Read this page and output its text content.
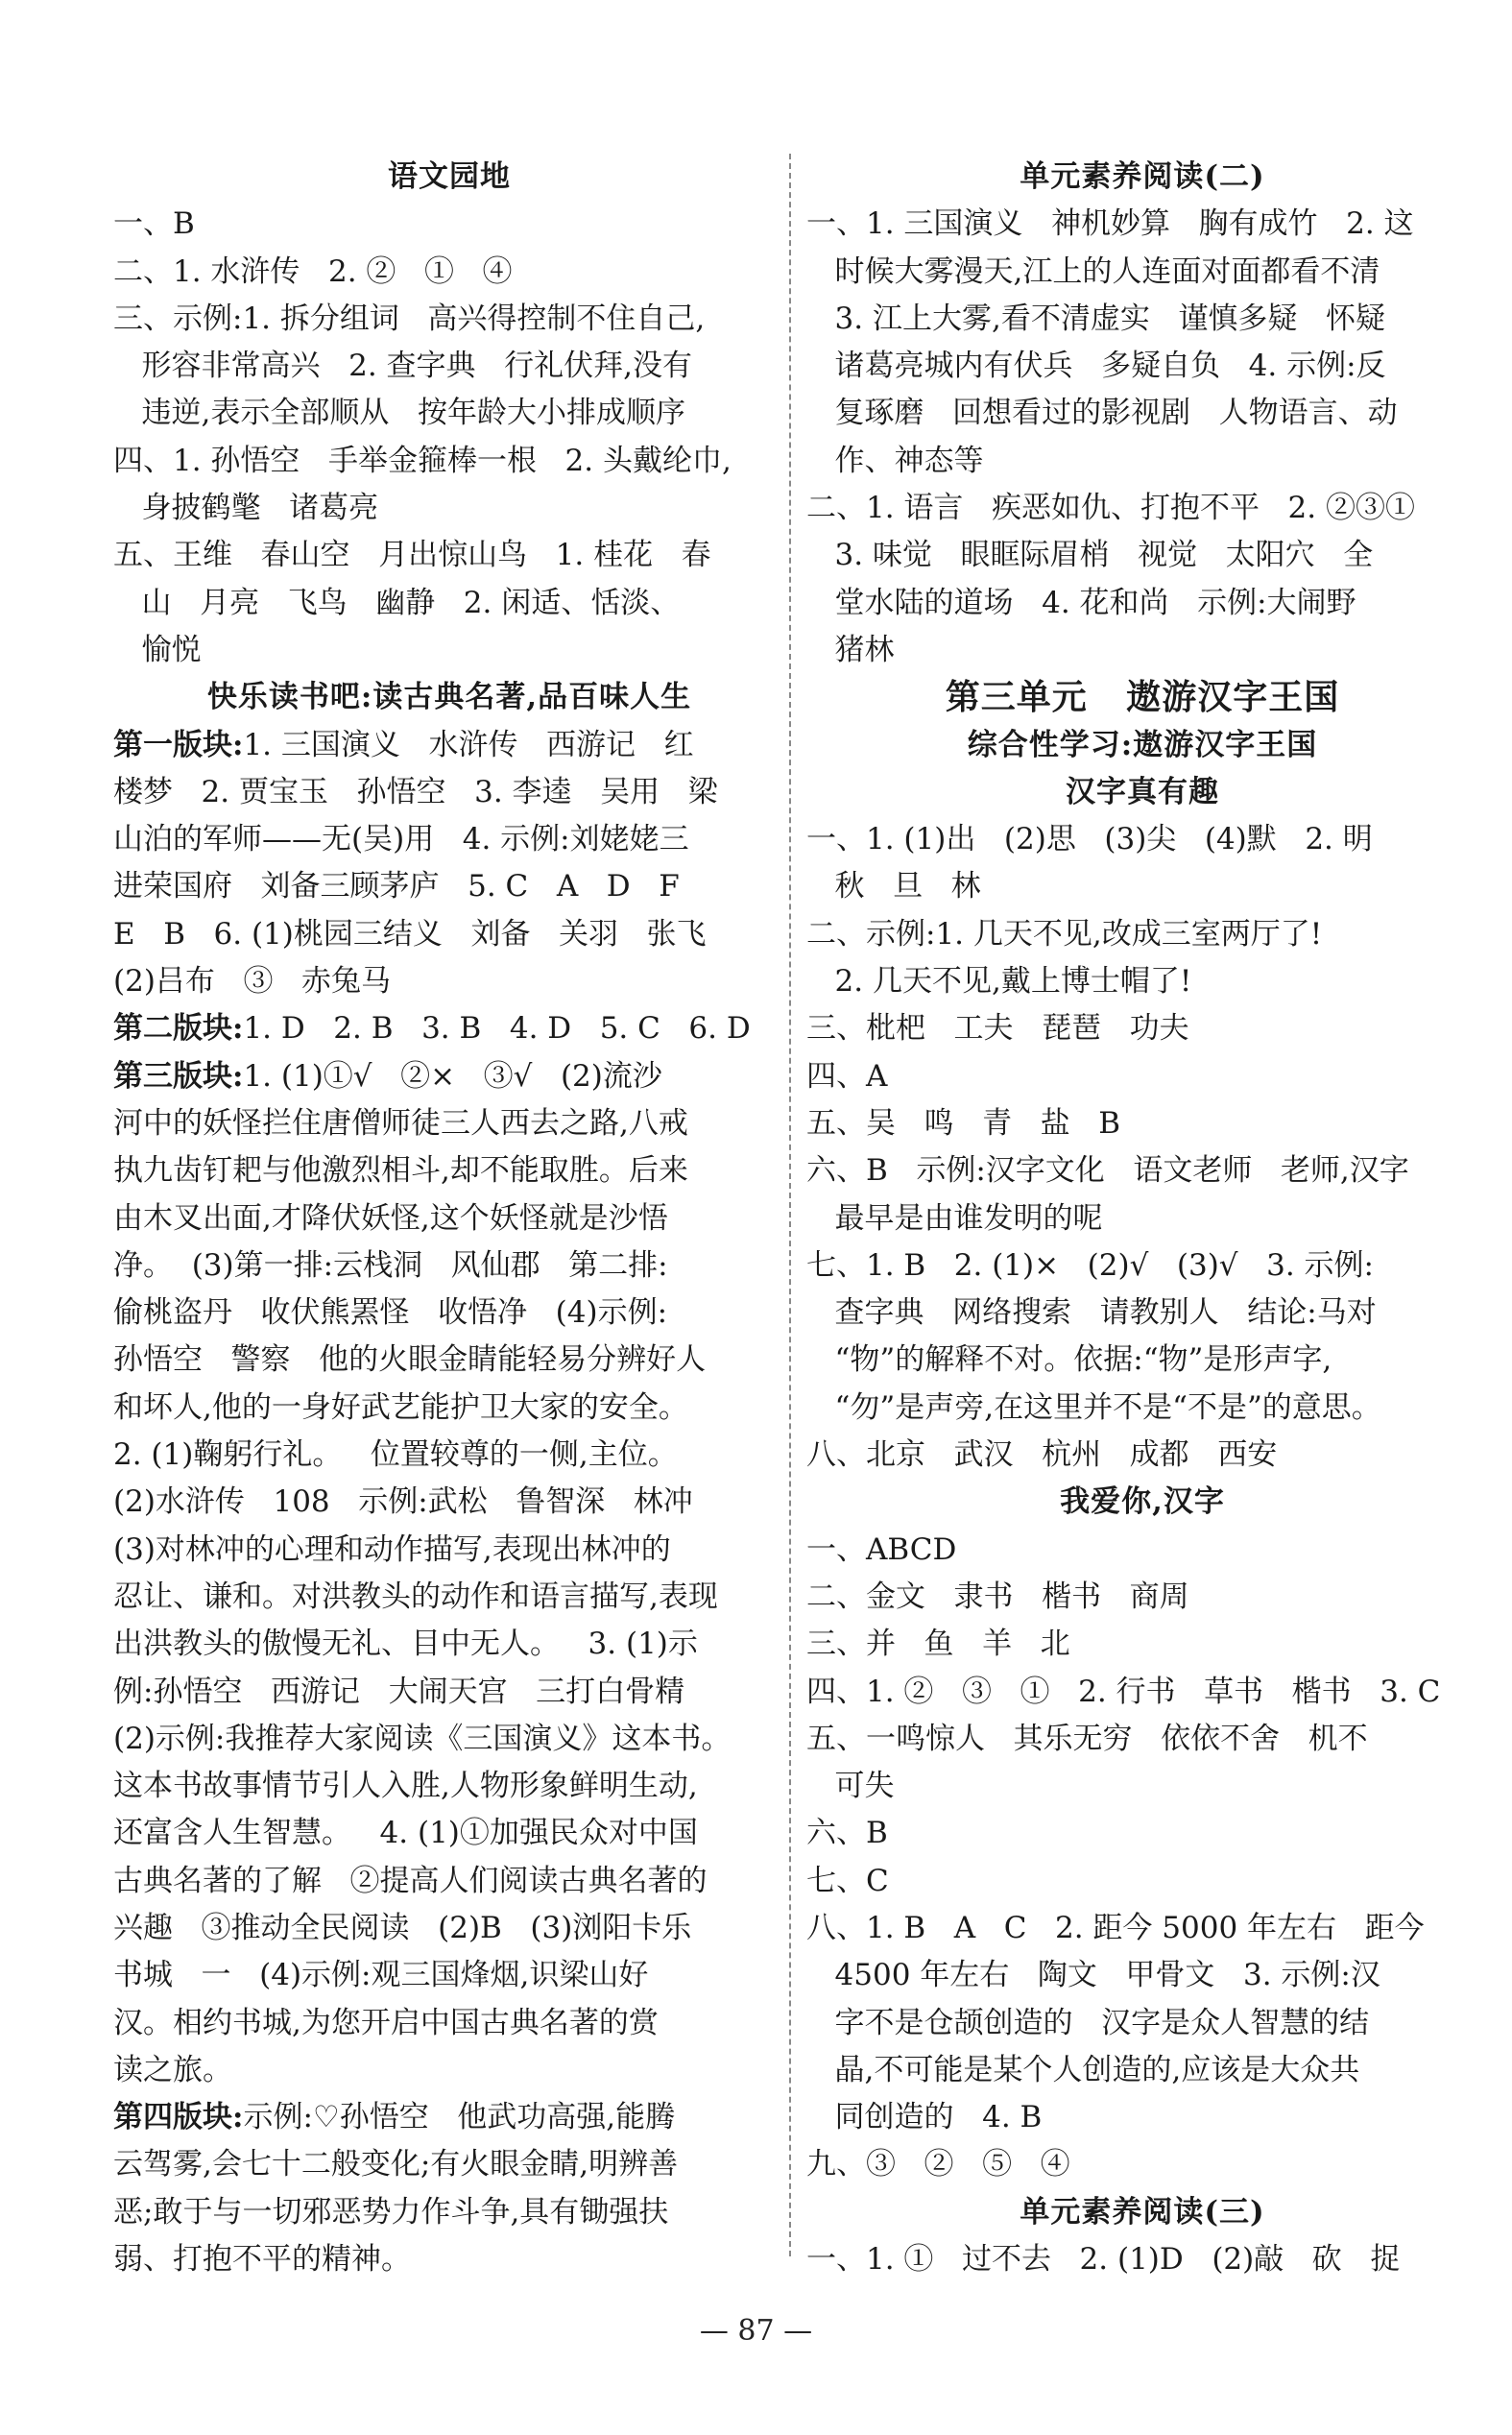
语文园地
一、B
二、1. 水浒传   2. ②   ①   ④
三、示例:1. 拆分组词   高兴得控制不住自己,
形容非常高兴   2. 查字典   行礼伏拜,没有
违逆,表示全部顺从   按年龄大小排成顺序
四、1. 孙悟空   手举金箍棒一根   2. 头戴纶巾,
身披鹤氅   诸葛亮
五、王维   春山空   月出惊山鸟   1. 桂花   春
山   月亮   飞鸟   幽静   2. 闲适、恬淡、
愉悦
快乐读书吧:读古典名著,品百味人生
第一版块:1. 三国演义   水浒传   西游记   红
楼梦   2. 贾宝玉   孙悟空   3. 李逵   吴用   梁
山泊的军师——无(吴)用   4. 示例:刘姥姥三
进荣国府   刘备三顾茅庐   5. C   A   D   F
E   B   6. (1)桃园三结义   刘备   关羽   张飞
(2)吕布   ③   赤兔马
第二版块:1. D   2. B   3. B   4. D   5. C   6. D
第三版块:1. (1)①√   ②×   ③√   (2)流沙
河中的妖怪拦住唐僧师徒三人西去之路,八戒
执九齿钉耙与他激烈相斗,却不能取胜。后来
由木叉出面,才降伏妖怪,这个妖怪就是沙悟
净。  (3)第一排:云栈洞   风仙郡   第二排:
偷桃盗丹   收伏熊罴怪   收悟净   (4)示例:
孙悟空   警察   他的火眼金睛能轻易分辨好人
和坏人,他的一身好武艺能护卫大家的安全。
2. (1)鞠躬行礼。   位置较尊的一侧,主位。
(2)水浒传   108   示例:武松   鲁智深   林冲
(3)对林冲的心理和动作描写,表现出林冲的
忍让、谦和。对洪教头的动作和语言描写,表现
出洪教头的傲慢无礼、目中无人。   3. (1)示
例:孙悟空   西游记   大闹天宫   三打白骨精
(2)示例:我推荐大家阅读《三国演义》这本书。
这本书故事情节引人入胜,人物形象鲜明生动,
还富含人生智慧。   4. (1)①加强民众对中国
古典名著的了解   ②提高人们阅读古典名著的
兴趣   ③推动全民阅读   (2)B   (3)浏阳卡乐
书城   一   (4)示例:观三国烽烟,识梁山好
汉。相约书城,为您开启中国古典名著的赏
读之旅。
第四版块:示例:♡孙悟空   他武功高强,能腾
云驾雾,会七十二般变化;有火眼金睛,明辨善
恶;敢于与一切邪恶势力作斗争,具有锄强扶
弱、打抱不平的精神。
单元素养阅读(二)
一、1. 三国演义   神机妙算   胸有成竹   2. 这
时候大雾漫天,江上的人连面对面都看不清
3. 江上大雾,看不清虚实   谨慎多疑   怀疑
诸葛亮城内有伏兵   多疑自负   4. 示例:反
复琢磨   回想看过的影视剧   人物语言、动
作、神态等
二、1. 语言   疾恶如仇、打抱不平   2. ②③①
3. 味觉   眼眶际眉梢   视觉   太阳穴   全
堂水陆的道场   4. 花和尚   示例:大闹野
猪林
第三单元   遨游汉字王国
综合性学习:遨游汉字王国
汉字真有趣
一、1. (1)出   (2)思   (3)尖   (4)默   2. 明
秋   旦   林
二、示例:1. 几天不见,改成三室两厅了!
2. 几天不见,戴上博士帽了!
三、枇杷   工夫   琵琶   功夫
四、A
五、吴   鸣   青   盐   B
六、B   示例:汉字文化   语文老师   老师,汉字
最早是由谁发明的呢
七、1. B   2. (1)×   (2)√   (3)√   3. 示例:
查字典   网络搜索   请教别人   结论:马对
“物”的解释不对。依据:“物”是形声字,
“勿”是声旁,在这里并不是“不是”的意思。
八、北京   武汉   杭州   成都   西安
我爱你,汉字
一、ABCD
二、金文   隶书   楷书   商周
三、并   鱼   羊   北
四、1. ②   ③   ①   2. 行书   草书   楷书   3. C
五、一鸣惊人   其乐无穷   依依不舍   机不
可失
六、B
七、C
八、1. B   A   C   2. 距今 5000 年左右   距今
4500 年左右   陶文   甲骨文   3. 示例:汉
字不是仓颉创造的   汉字是众人智慧的结
晶,不可能是某个人创造的,应该是大众共
同创造的   4. B
九、③   ②   ⑤   ④
单元素养阅读(三)
一、1. ①   过不去   2. (1)D   (2)敲   砍   捉
— 87 —
